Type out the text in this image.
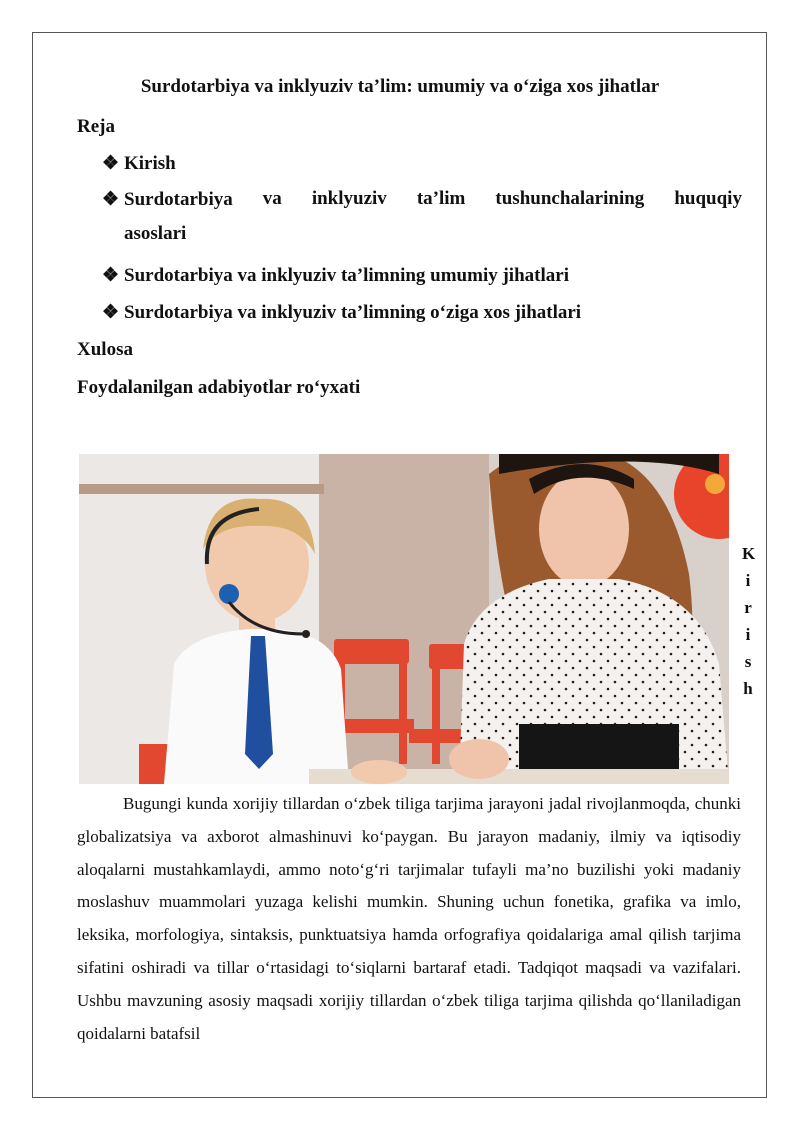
Surdotarbiya va inklyuziv ta’lim: umumiy va o‘ziga xos jihatlar
Reja
❖ Kirish
❖ Surdotarbiya va inklyuziv ta’lim tushunchalarining huquqiy
asoslari
❖ Surdotarbiya va inklyuziv ta’limning umumiy jihatlari
❖ Surdotarbiya va inklyuziv ta’limning o‘ziga xos jihatlari
Xulosa
Foydalanilgan adabiyotlar ro‘yxati
K
i
r
i
s
h

Bugungi kunda xorijiy tillardan o‘zbek tiliga tarjima jarayoni jadal rivojlanmoqda, chunki globalizatsiya va axborot almashinuvi ko‘paygan. Bu jarayon madaniy, ilmiy va iqtisodiy aloqalarni mustahkamlaydi, ammo noto‘g‘ri tarjimalar tufayli ma’no buzilishi yoki madaniy moslashuv muammolari yuzaga kelishi mumkin. Shuning uchun fonetika, grafika va imlo, leksika, morfologiya, sintaksis, punktuatsiya hamda orfografiya qoidalariga amal qilish tarjima sifatini oshiradi va tillar o‘rtasidagi to‘siqlarni bartaraf etadi. Tadqiqot maqsadi va vazifalari. Ushbu mavzuning asosiy maqsadi xorijiy tillardan o‘zbek tiliga tarjima qilishda qo‘llaniladigan qoidalarni batafsil
